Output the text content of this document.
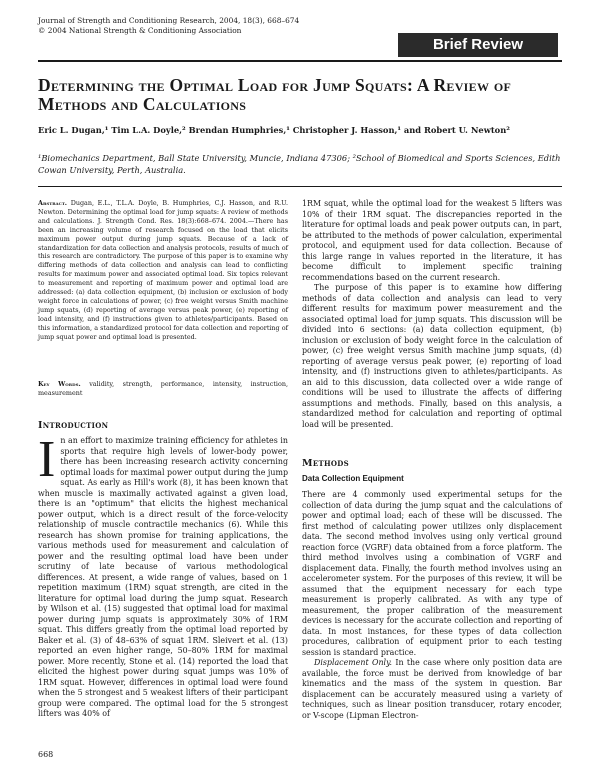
Journal of Strength and Conditioning Research, 2004, 18(3), 668–674
© 2004 National Strength & Conditioning Association
Brief Review
Determining the Optimal Load for Jump Squats: A Review of Methods and Calculations
Eric L. Dugan,¹ Tim L.A. Doyle,² Brendan Humphries,¹ Christopher J. Hasson,¹ and Robert U. Newton²
¹Biomechanics Department, Ball State University, Muncie, Indiana 47306; ²School of Biomedical and Sports Sciences, Edith Cowan University, Perth, Australia.
Abstract. Dugan, E.L., T.L.A. Doyle, B. Humphries, C.J. Hasson, and R.U. Newton. Determining the optimal load for jump squats: A review of methods and calculations. J. Strength Cond. Res. 18(3):668–674. 2004.—There has been an increasing volume of research focused on the load that elicits maximum power output during jump squats. Because of a lack of standardization for data collection and analysis protocols, results of much of this research are contradictory. The purpose of this paper is to examine why differing methods of data collection and analysis can lead to conflicting results for maximum power and associated optimal load. Six topics relevant to measurement and reporting of maximum power and optimal load are addressed: (a) data collection equipment, (b) inclusion or exclusion of body weight force in calculations of power, (c) free weight versus Smith machine jump squats, (d) reporting of average versus peak power, (e) reporting of load intensity, and (f) instructions given to athletes/participants. Based on this information, a standardized protocol for data collection and reporting of jump squat power and optimal load is presented.
Key Words. validity, strength, performance, intensity, instruction, measurement
Introduction
In an effort to maximize training efficiency for athletes in sports that require high levels of lower-body power, there has been increasing research activity concerning optimal loads for maximal power output during the jump squat. As early as Hill's work (8), it has been known that when muscle is maximally activated against a given load, there is an "optimum" that elicits the highest mechanical power output, which is a direct result of the force-velocity relationship of muscle contractile mechanics (6). While this research has shown promise for training applications, the various methods used for measurement and calculation of power and the resulting optimal load have been under scrutiny of late because of various methodological differences. At present, a wide range of values, based on 1 repetition maximum (1RM) squat strength, are cited in the literature for optimal load during the jump squat. Research by Wilson et al. (15) suggested that optimal load for maximal power during jump squats is approximately 30% of 1RM squat. This differs greatly from the optimal load reported by Baker et al. (3) of 48–63% of squat 1RM. Sleivert et al. (13) reported an even higher range, 50–80% 1RM for maximal power. More recently, Stone et al. (14) reported the load that elicited the highest power during squat jumps was 10% of 1RM squat. However, differences in optimal load were found when the 5 strongest and 5 weakest lifters of their participant group were compared. The optimal load for the 5 strongest lifters was 40% of

1RM squat, while the optimal load for the weakest 5 lifters was 10% of their 1RM squat. The discrepancies reported in the literature for optimal loads and peak power outputs can, in part, be attributed to the methods of power calculation, experimental protocol, and equipment used for data collection. Because of this large range in values reported in the literature, it has become difficult to implement specific training recommendations based on the current research.

The purpose of this paper is to examine how differing methods of data collection and analysis can lead to very different results for maximum power measurement and the associated optimal load for jump squats. This discussion will be divided into 6 sections: (a) data collection equipment, (b) inclusion or exclusion of body weight force in the calculation of power, (c) free weight versus Smith machine jump squats, (d) reporting of average versus peak power, (e) reporting of load intensity, and (f) instructions given to athletes/participants. As an aid to this discussion, data collected over a wide range of conditions will be used to illustrate the affects of differing assumptions and methods. Finally, based on this analysis, a standardized method for calculation and reporting of optimal load will be presented.

Methods
Data Collection Equipment

There are 4 commonly used experimental setups for the collection of data during the jump squat and the calculations of power and optimal load; each of these will be discussed. The first method of calculating power utilizes only displacement data. The second method involves using only vertical ground reaction force (VGRF) data obtained from a force platform. The third method involves using a combination of VGRF and displacement data. Finally, the fourth method involves using an accelerometer system. For the purposes of this review, it will be assumed that the equipment necessary for each type measurement is properly calibrated. As with any type of measurement, the proper calibration of the measurement devices is necessary for the accurate collection and reporting of data. In most instances, for these types of data collection procedures, calibration of equipment prior to each testing session is standard practice.

Displacement Only. In the case where only position data are available, the force must be derived from knowledge of bar kinematics and the mass of the system in question. Bar displacement can be accurately measured using a variety of techniques, such as linear position transducer, rotary encoder, or V-scope (Lipman Electron-

668
